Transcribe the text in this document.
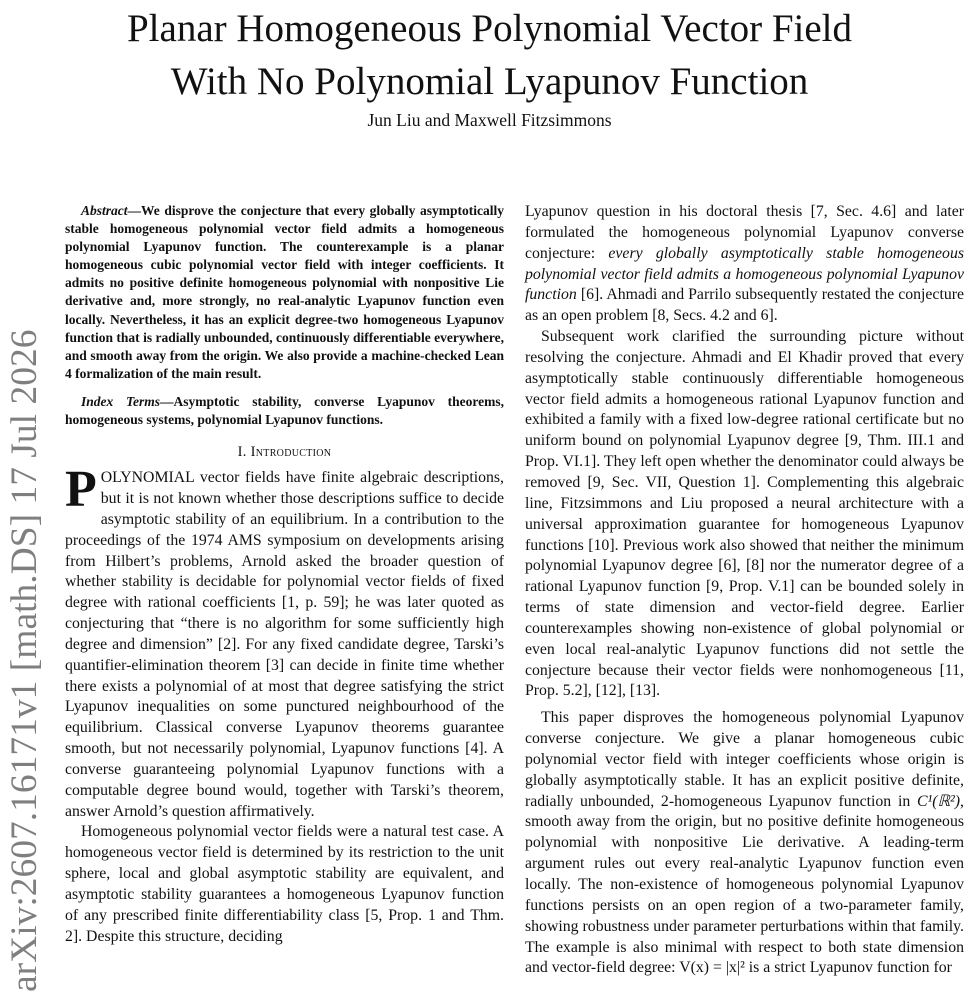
Planar Homogeneous Polynomial Vector Field
With No Polynomial Lyapunov Function
Jun Liu and Maxwell Fitzsimmons
arXiv:2607.16171v1 [math.DS] 17 Jul 2026

Abstract—We disprove the conjecture that every globally asymptotically stable homogeneous polynomial vector field admits a homogeneous polynomial Lyapunov function. The counterexample is a planar homogeneous cubic polynomial vector field with integer coefficients. It admits no positive definite homogeneous polynomial with nonpositive Lie derivative and, more strongly, no real-analytic Lyapunov function even locally. Nevertheless, it has an explicit degree-two homogeneous Lyapunov function that is radially unbounded, continuously differentiable everywhere, and smooth away from the origin. We also provide a machine-checked Lean 4 formalization of the main result.

Index Terms—Asymptotic stability, converse Lyapunov theorems, homogeneous systems, polynomial Lyapunov functions.

I. Introduction

POLYNOMIAL vector fields have finite algebraic descriptions, but it is not known whether those descriptions suffice to decide asymptotic stability of an equilibrium. In a contribution to the proceedings of the 1974 AMS symposium on developments arising from Hilbert’s problems, Arnold asked the broader question of whether stability is decidable for polynomial vector fields of fixed degree with rational coefficients [1, p. 59]; he was later quoted as conjecturing that “there is no algorithm for some sufficiently high degree and dimension” [2]. For any fixed candidate degree, Tarski’s quantifier-elimination theorem [3] can decide in finite time whether there exists a polynomial of at most that degree satisfying the strict Lyapunov inequalities on some punctured neighbourhood of the equilibrium. Classical converse Lyapunov theorems guarantee smooth, but not necessarily polynomial, Lyapunov functions [4]. A converse guaranteeing polynomial Lyapunov functions with a computable degree bound would, together with Tarski’s theorem, answer Arnold’s question affirmatively.

Homogeneous polynomial vector fields were a natural test case. A homogeneous vector field is determined by its restriction to the unit sphere, local and global asymptotic stability are equivalent, and asymptotic stability guarantees a homogeneous Lyapunov function of any prescribed finite differentiability class [5, Prop. 1 and Thm. 2]. Despite this structure, deciding

Lyapunov question in his doctoral thesis [7, Sec. 4.6] and later formulated the homogeneous polynomial Lyapunov converse conjecture: every globally asymptotically stable homogeneous polynomial vector field admits a homogeneous polynomial Lyapunov function [6]. Ahmadi and Parrilo subsequently restated the conjecture as an open problem [8, Secs. 4.2 and 6].

Subsequent work clarified the surrounding picture without resolving the conjecture. Ahmadi and El Khadir proved that every asymptotically stable continuously differentiable homogeneous vector field admits a homogeneous rational Lyapunov function and exhibited a family with a fixed low-degree rational certificate but no uniform bound on polynomial Lyapunov degree [9, Thm. III.1 and Prop. VI.1]. They left open whether the denominator could always be removed [9, Sec. VII, Question 1]. Complementing this algebraic line, Fitzsimmons and Liu proposed a neural architecture with a universal approximation guarantee for homogeneous Lyapunov functions [10]. Previous work also showed that neither the minimum polynomial Lyapunov degree [6], [8] nor the numerator degree of a rational Lyapunov function [9, Prop. V.1] can be bounded solely in terms of state dimension and vector-field degree. Earlier counterexamples showing non-existence of global polynomial or even local real-analytic Lyapunov functions did not settle the conjecture because their vector fields were nonhomogeneous [11, Prop. 5.2], [12], [13].

This paper disproves the homogeneous polynomial Lyapunov converse conjecture. We give a planar homogeneous cubic polynomial vector field with integer coefficients whose origin is globally asymptotically stable. It has an explicit positive definite, radially unbounded, 2-homogeneous Lyapunov function in C¹(ℝ²), smooth away from the origin, but no positive definite homogeneous polynomial with nonpositive Lie derivative. A leading-term argument rules out every real-analytic Lyapunov function even locally. The non-existence of homogeneous polynomial Lyapunov functions persists on an open region of a two-parameter family, showing robustness under parameter perturbations within that family. The example is also minimal with respect to both state dimension and vector-field degree: V(x) = |x|² is a strict Lyapunov function for
